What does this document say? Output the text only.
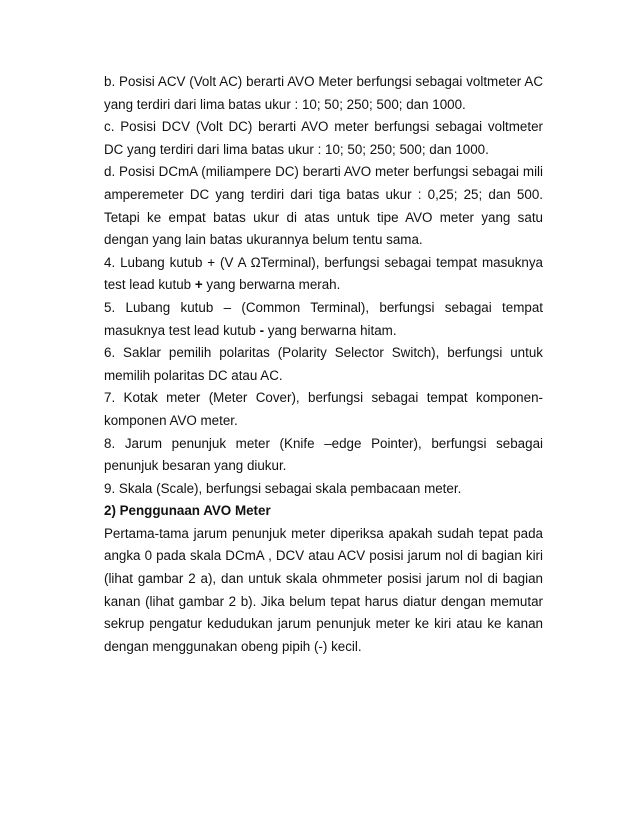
b. Posisi ACV (Volt AC) berarti AVO Meter berfungsi sebagai voltmeter AC yang terdiri dari lima batas ukur : 10; 50; 250; 500; dan 1000.

c. Posisi DCV (Volt DC) berarti AVO meter berfungsi sebagai voltmeter DC yang terdiri dari lima batas ukur : 10; 50; 250; 500; dan 1000.

d. Posisi DCmA (miliampere DC) berarti AVO meter berfungsi sebagai mili amperemeter DC yang terdiri dari tiga batas ukur : 0,25; 25; dan 500. Tetapi ke empat batas ukur di atas untuk tipe AVO meter yang satu dengan yang lain batas ukurannya belum tentu sama.

4. Lubang kutub + (V A ΩTerminal), berfungsi sebagai tempat masuknya test lead kutub + yang berwarna merah.

5. Lubang kutub – (Common Terminal), berfungsi sebagai tempat masuknya test lead kutub - yang berwarna hitam.

6. Saklar pemilih polaritas (Polarity Selector Switch), berfungsi untuk memilih polaritas DC atau AC.

7. Kotak meter (Meter Cover), berfungsi sebagai tempat komponen-komponen AVO meter.

8. Jarum penunjuk meter (Knife –edge Pointer), berfungsi sebagai penunjuk besaran yang diukur.

9. Skala (Scale), berfungsi sebagai skala pembacaan meter.

2) Penggunaan AVO Meter

Pertama-tama jarum penunjuk meter diperiksa apakah sudah tepat pada angka 0 pada skala DCmA , DCV atau ACV posisi jarum nol di bagian kiri (lihat gambar 2 a), dan untuk skala ohmmeter posisi jarum nol di bagian kanan (lihat gambar 2 b). Jika belum tepat harus diatur dengan memutar sekrup pengatur kedudukan jarum penunjuk meter ke kiri atau ke kanan dengan menggunakan obeng pipih (-) kecil.
